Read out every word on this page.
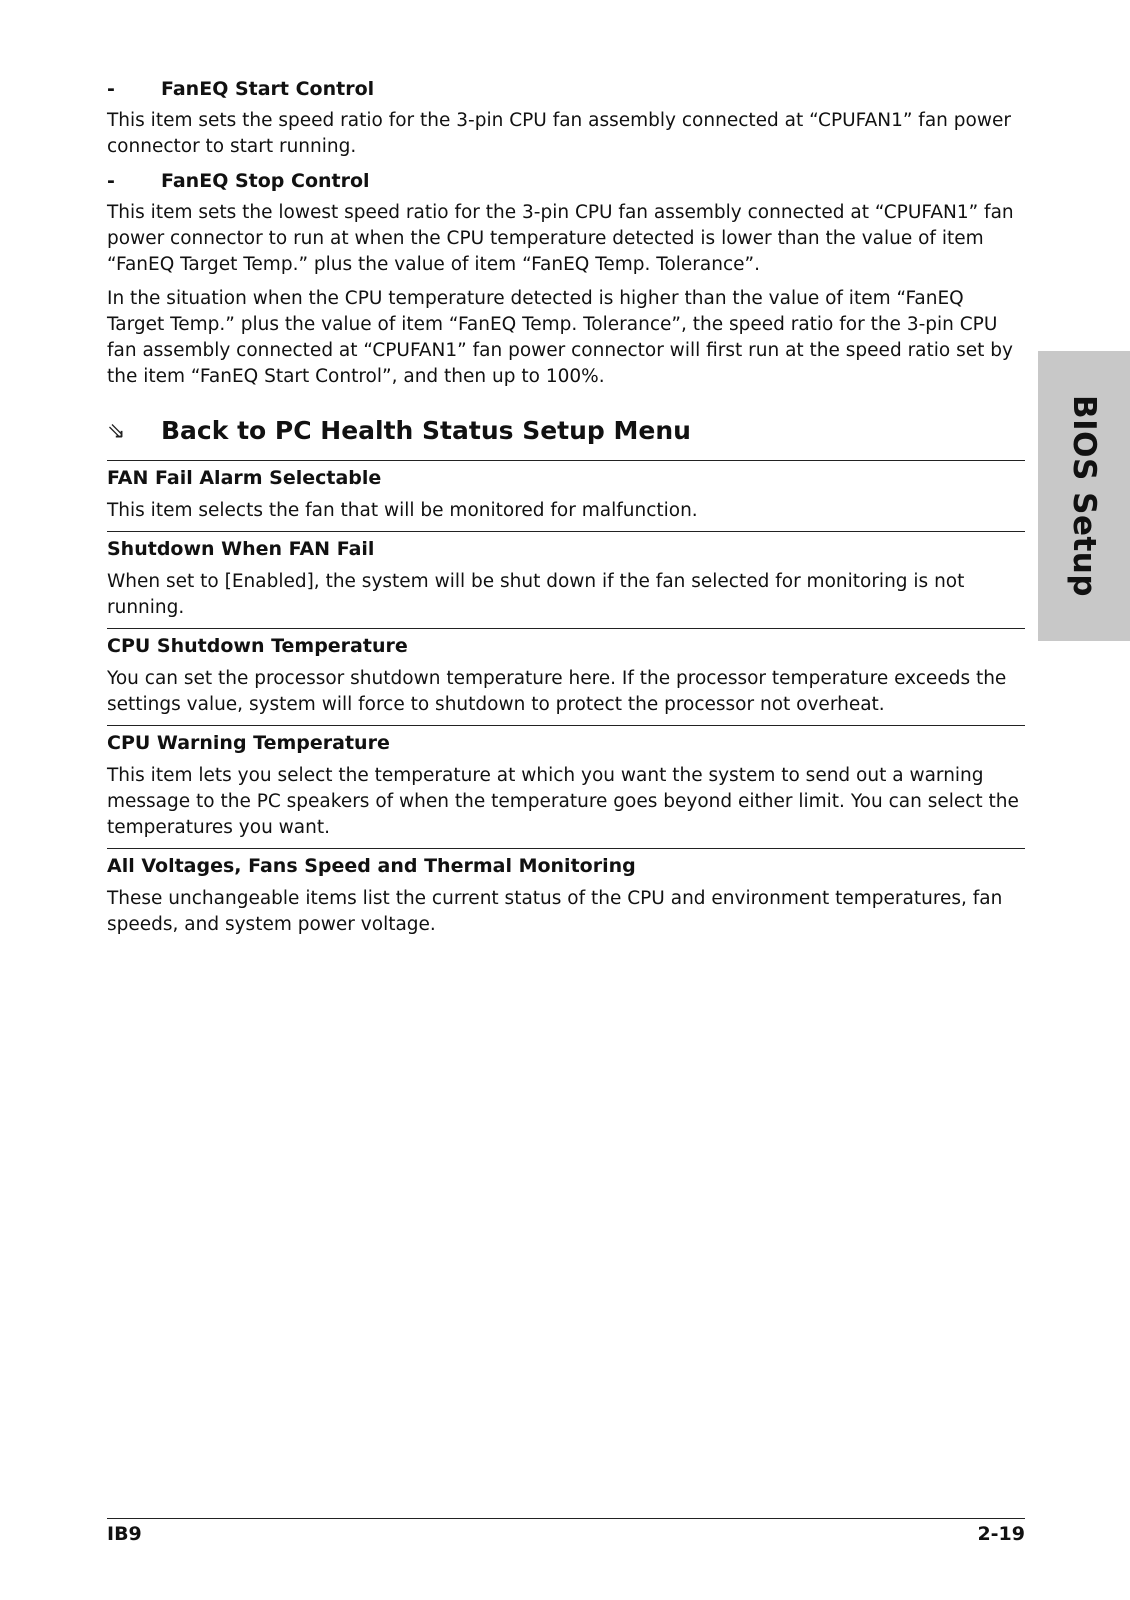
-	FanEQ Start Control

This item sets the speed ratio for the 3-pin CPU fan assembly connected at “CPUFAN1” fan power connector to start running.

-	FanEQ Stop Control

This item sets the lowest speed ratio for the 3-pin CPU fan assembly connected at “CPUFAN1” fan power connector to run at when the CPU temperature detected is lower than the value of item “FanEQ Target Temp.” plus the value of item “FanEQ Temp. Tolerance”.

In the situation when the CPU temperature detected is higher than the value of item “FanEQ Target Temp.” plus the value of item “FanEQ Temp. Tolerance”, the speed ratio for the 3-pin CPU fan assembly connected at “CPUFAN1” fan power connector will first run at the speed ratio set by the item “FanEQ Start Control”, and then up to 100%.

⇘	Back to PC Health Status Setup Menu
FAN Fail Alarm Selectable

This item selects the fan that will be monitored for malfunction.

Shutdown When FAN Fail

When set to [Enabled], the system will be shut down if the fan selected for monitoring is not running.

CPU Shutdown Temperature

You can set the processor shutdown temperature here. If the processor temperature exceeds the settings value, system will force to shutdown to protect the processor not overheat.

CPU Warning Temperature

This item lets you select the temperature at which you want the system to send out a warning message to the PC speakers of when the temperature goes beyond either limit. You can select the temperatures you want.

All Voltages, Fans Speed and Thermal Monitoring

These unchangeable items list the current status of the CPU and environment temperatures, fan speeds, and system power voltage.

BIOS Setup
IB9	2-19
